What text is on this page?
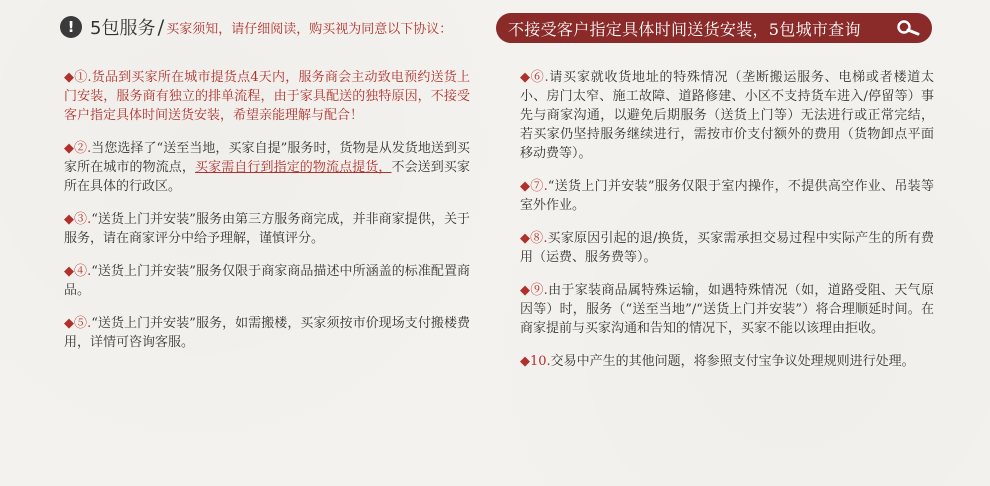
! 5包服务 / 买家须知，请仔细阅读，购买视为同意以下协议：	不接受客户指定具体时间送货安装，5包城市查询
◆①.货品到买家所在城市提货点4天内，服务商会主动致电预约送货上门安装，服务商有独立的排单流程，由于家具配送的独特原因，不接受客户指定具体时间送货安装，希望亲能理解与配合！
◆②.当您选择了“送至当地，买家自提”服务时，货物是从发货地送到买家所在城市的物流点，买家需自行到指定的物流点提货，不会送到买家所在具体的行政区。
◆③.“送货上门并安装”服务由第三方服务商完成，并非商家提供，关于服务，请在商家评分中给予理解，谨慎评分。
◆④.“送货上门并安装”服务仅限于商家商品描述中所涵盖的标准配置商品。
◆⑤.“送货上门并安装”服务，如需搬楼，买家须按市价现场支付搬楼费用，详情可咨询客服。
◆⑥.请买家就收货地址的特殊情况（垄断搬运服务、电梯或者楼道太小、房门太窄、施工故障、道路修建、小区不支持货车进入/停留等）事先与商家沟通，以避免后期服务（送货上门等）无法进行或正常完结，若买家仍坚持服务继续进行，需按市价支付额外的费用（货物卸点平面移动费等）。
◆⑦.“送货上门并安装”服务仅限于室内操作，不提供高空作业、吊装等室外作业。
◆⑧.买家原因引起的退/换货，买家需承担交易过程中实际产生的所有费用（运费、服务费等）。
◆⑨.由于家装商品属特殊运输，如遇特殊情况（如，道路受阻、天气原因等）时，服务（“送至当地”/“送货上门并安装”）将合理顺延时间。在商家提前与买家沟通和告知的情况下，买家不能以该理由拒收。
◆10.交易中产生的其他问题，将参照支付宝争议处理规则进行处理。
